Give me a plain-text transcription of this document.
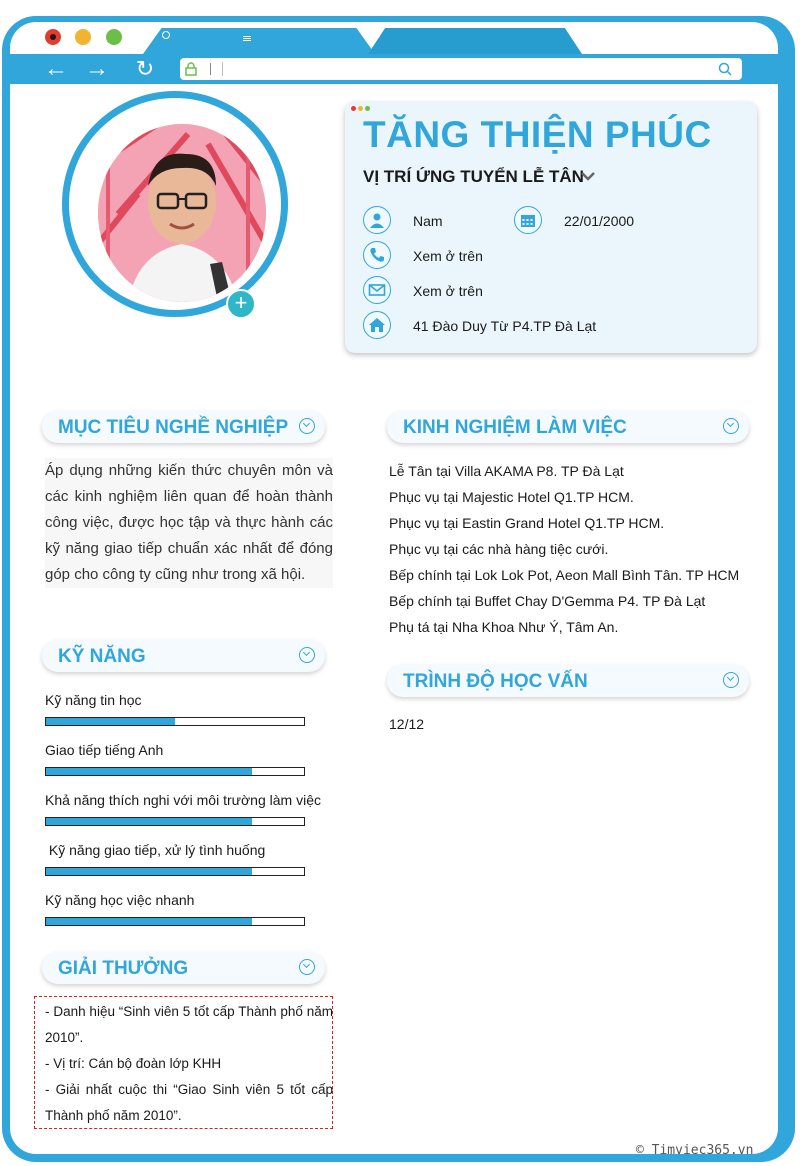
← → ↻
+
TĂNG THIỆN PHÚC
VỊ TRÍ ỨNG TUYỂN LỄ TÂN
Nam	22/01/2000
Xem ở trên
Xem ở trên
41 Đào Duy Từ P4.TP Đà Lạt
MỤC TIÊU NGHỀ NGHIỆP
Áp dụng những kiến thức chuyên môn và các kinh nghiệm liên quan để hoàn thành công việc, được học tập và thực hành các kỹ năng giao tiếp chuẩn xác nhất để đóng góp cho công ty cũng như trong xã hội.
KỸ NĂNG
Kỹ năng tin học
Giao tiếp tiếng Anh
Khả năng thích nghi với môi trường làm việc
Kỹ năng giao tiếp, xử lý tình huống
Kỹ năng học việc nhanh
GIẢI THƯỞNG
- Danh hiệu “Sinh viên 5 tốt cấp Thành phố năm 2010”.
- Vị trí: Cán bộ đoàn lớp KHH
- Giải nhất cuộc thi “Giao Sinh viên 5 tốt cấp Thành phố năm 2010”.
KINH NGHIỆM LÀM VIỆC
Lễ Tân tại Villa AKAMA P8. TP Đà Lạt
Phục vụ tại Majestic Hotel Q1.TP HCM.
Phục vụ tại Eastin Grand Hotel Q1.TP HCM.
Phục vụ tại các nhà hàng tiệc cưới.
Bếp chính tại Lok Lok Pot, Aeon Mall Bình Tân. TP HCM
Bếp chính tại Buffet Chay D'Gemma P4. TP Đà Lạt
Phụ tá tại Nha Khoa Như Ý, Tâm An.
TRÌNH ĐỘ HỌC VẤN
12/12
© Timviec365.vn
